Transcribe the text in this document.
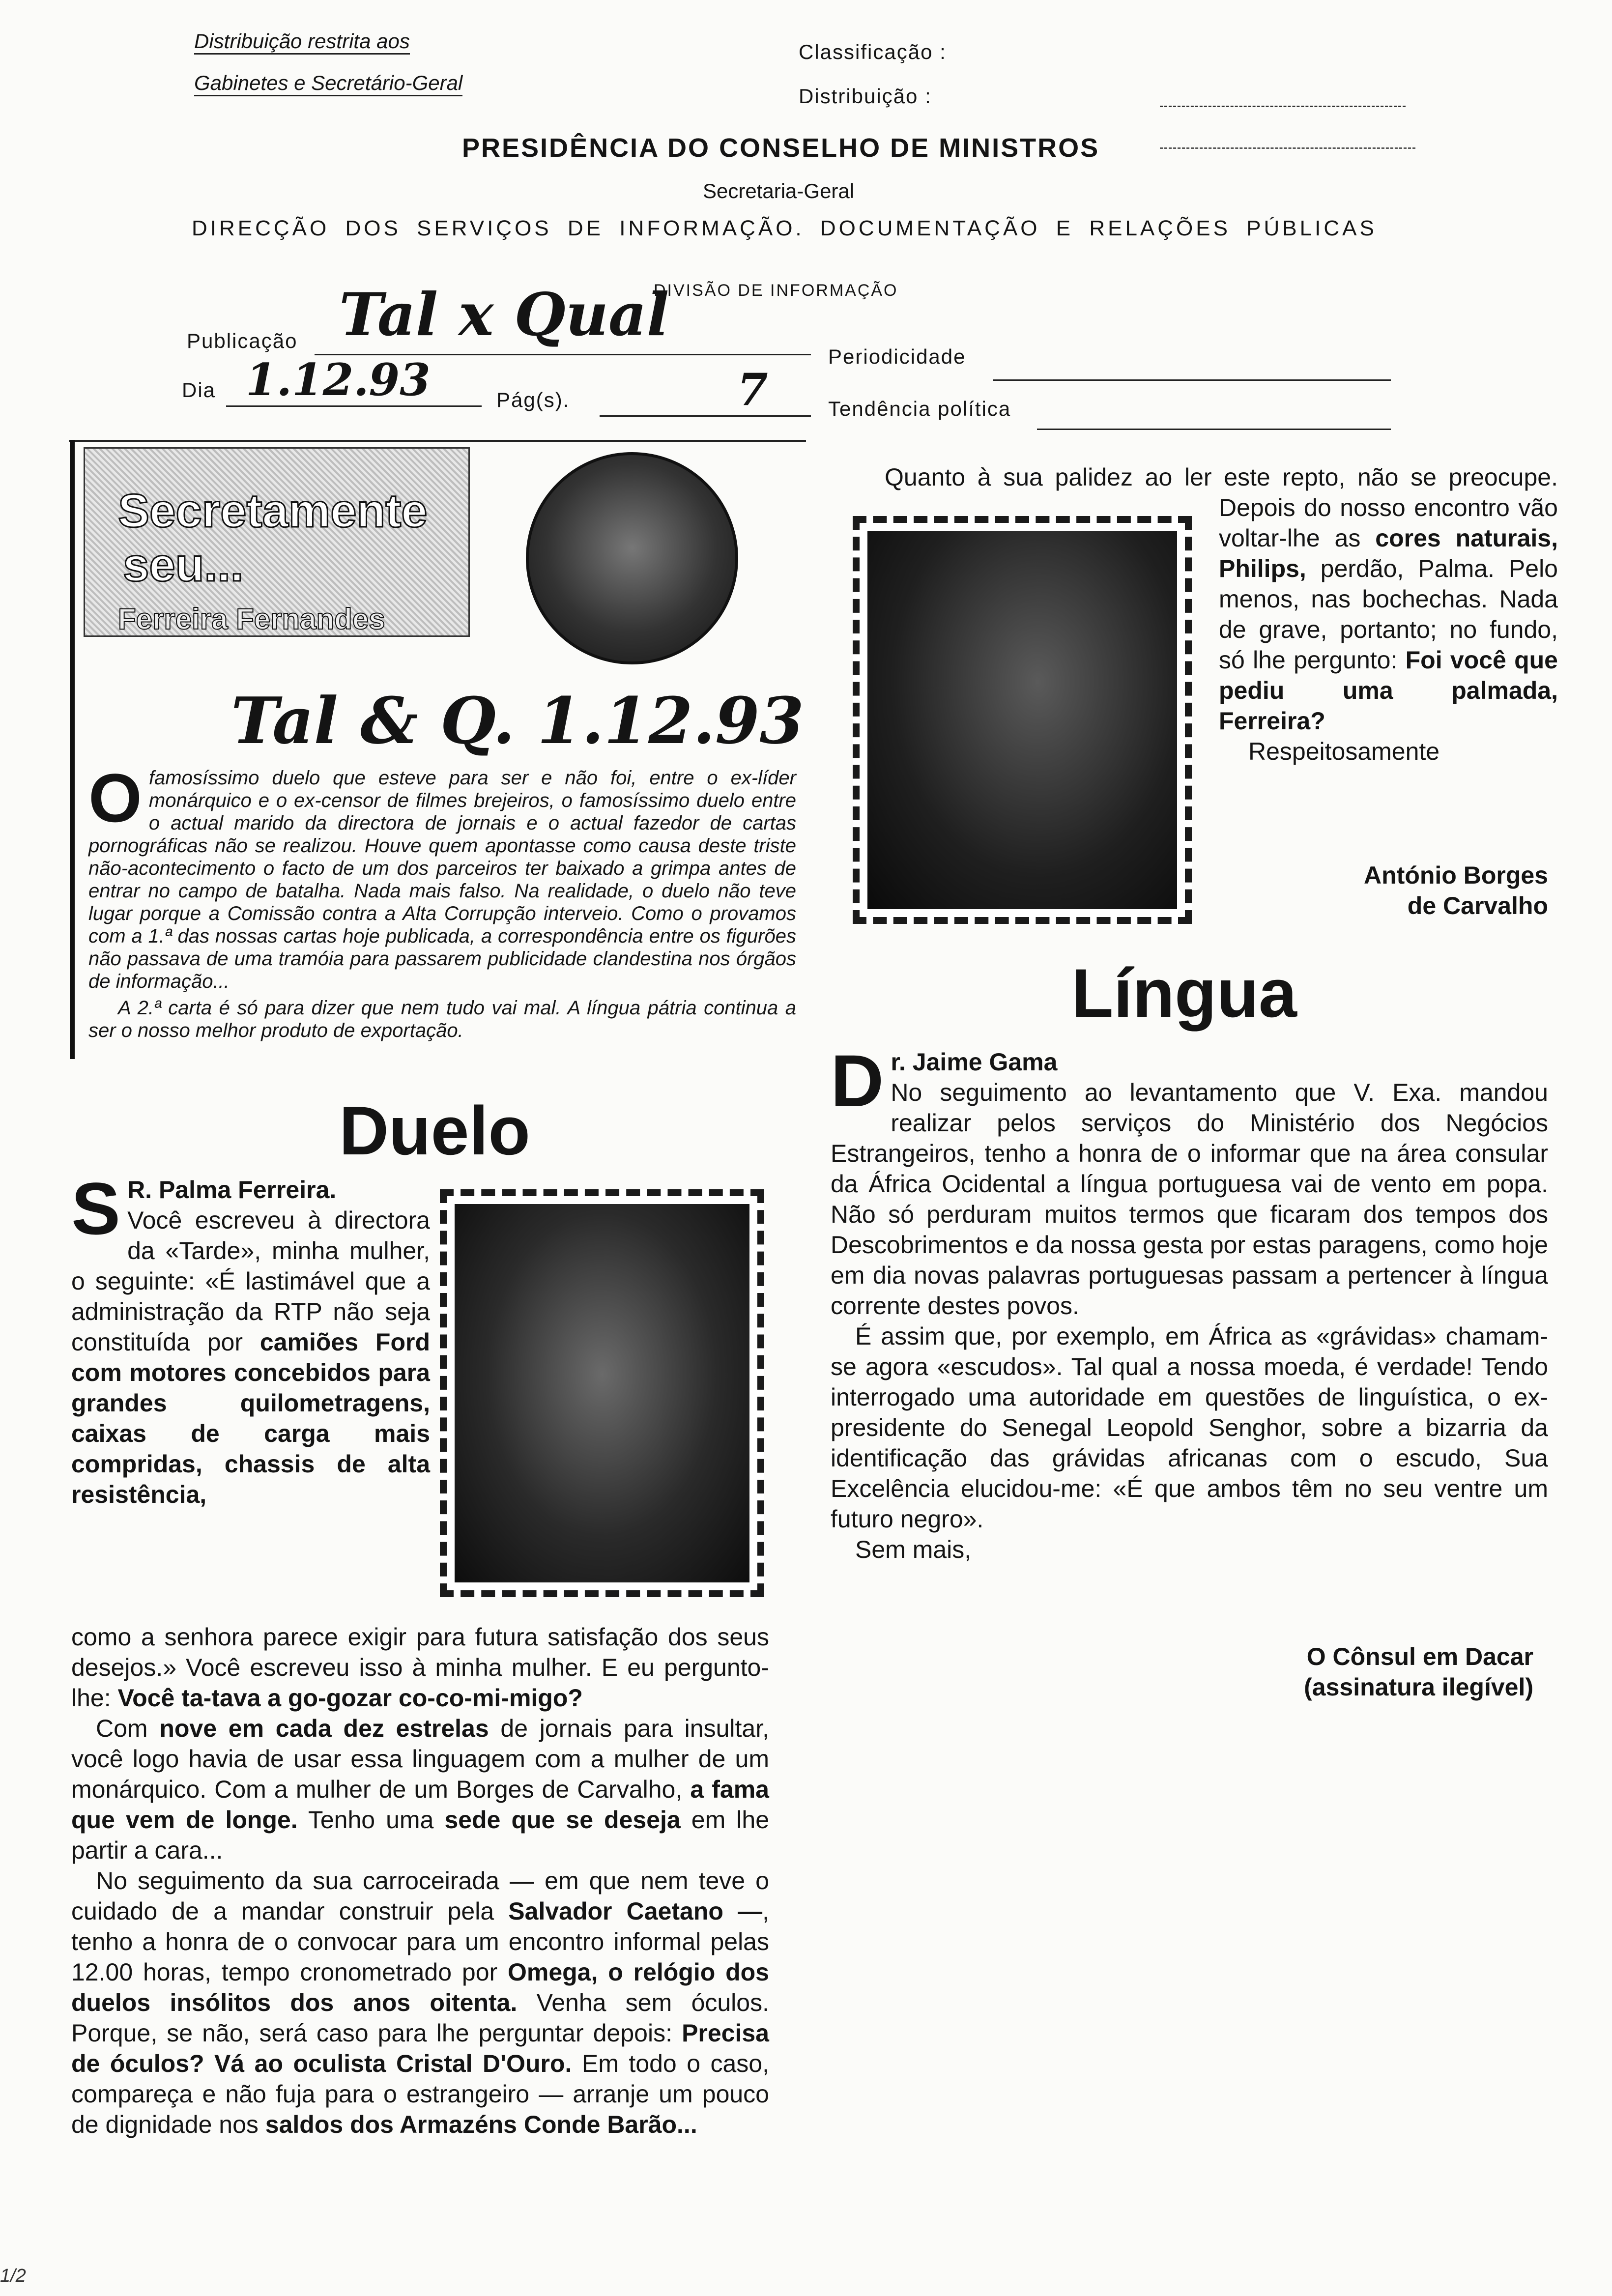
Distribuição restrita aos
Gabinetes e Secretário-Geral
Classificação :
Distribuição :
PRESIDÊNCIA DO CONSELHO DE MINISTROS
Secretaria-Geral
DIRECÇÃO DOS SERVIÇOS DE INFORMAÇÃO. DOCUMENTAÇÃO E RELAÇÕES PÚBLICAS
DIVISÃO DE INFORMAÇÃO
Publicação Tal x Qual
Periodicidade
Dia 1.12.93	Pág(s).	7	Tendência política
Secretamente
seu...
Ferreira Fernandes
Tal & Q. 1.12.93

Ofamosíssimo duelo que esteve para ser e não foi, entre o ex-líder monárquico e o ex-censor de filmes brejeiros, o famosíssimo duelo entre o actual marido da directora de jornais e o actual fazedor de cartas pornográficas não se realizou. Houve quem apontasse como causa deste triste não-acontecimento o facto de um dos parceiros ter baixado a grimpa antes de entrar no campo de batalha. Nada mais falso. Na realidade, o duelo não teve lugar porque a Comissão contra a Alta Corrupção interveio. Como o provamos com a 1.ª das nossas cartas hoje publicada, a correspondência entre os figurões não passava de uma tramóia para passarem publicidade clandestina nos órgãos de informação...

A 2.ª carta é só para dizer que nem tudo vai mal. A língua pátria continua a ser o nosso melhor produto de exportação.

Duelo

S R. Palma Ferreira.
Você escreveu à directora da «Tarde», minha mulher, o seguinte: «É lastimável que a administração da RTP não seja constituída por camiões Ford com motores concebidos para grandes quilometragens, caixas de carga mais compridas, chassis de alta resistência,

como a senhora parece exigir para futura satisfação dos seus desejos.» Você escreveu isso à minha mulher. E eu pergunto-lhe: Você ta-tava a go-gozar co-co-mi-migo?

Com nove em cada dez estrelas de jornais para insultar, você logo havia de usar essa linguagem com a mulher de um monárquico. Com a mulher de um Borges de Carvalho, a fama que vem de longe. Tenho uma sede que se deseja em lhe partir a cara...

No seguimento da sua carroceirada — em que nem teve o cuidado de a mandar construir pela Salvador Caetano —, tenho a honra de o convocar para um encontro informal pelas 12.00 horas, tempo cronometrado por Omega, o relógio dos duelos insólitos dos anos oitenta. Venha sem óculos. Porque, se não, será caso para lhe perguntar depois: Precisa de óculos? Vá ao oculista Cristal D'Ouro. Em todo o caso, compareça e não fuja para o estrangeiro — arranje um pouco de dignidade nos saldos dos Armazéns Conde Barão...

Quanto à sua palidez ao ler este repto, não se preocupe. Depois do nosso encontro vão voltar-lhe as cores naturais, Philips, perdão, Palma. Pelo menos, nas bochechas. Nada de grave, portanto; no fundo, só lhe pergunto: Foi você que pediu uma palmada, Ferreira?

Respeitosamente

António Borges
de Carvalho
Língua

Dr. Jaime Gama
No seguimento ao levantamento que V. Exa. mandou realizar pelos serviços do Ministério dos Negócios Estrangeiros, tenho a honra de o informar que na área consular da África Ocidental a língua portuguesa vai de vento em popa. Não só perduram muitos termos que ficaram dos tempos dos Descobrimentos e da nossa gesta por estas paragens, como hoje em dia novas palavras portuguesas passam a pertencer à língua corrente destes povos.

É assim que, por exemplo, em África as «grávidas» chamam-se agora «escudos». Tal qual a nossa moeda, é verdade! Tendo interrogado uma autoridade em questões de linguística, o ex-presidente do Senegal Leopold Senghor, sobre a bizarria da identificação das grávidas africanas com o escudo, Sua Excelência elucidou-me: «É que ambos têm no seu ventre um futuro negro».

Sem mais,

O Cônsul em Dacar
(assinatura ilegível)
1/2
